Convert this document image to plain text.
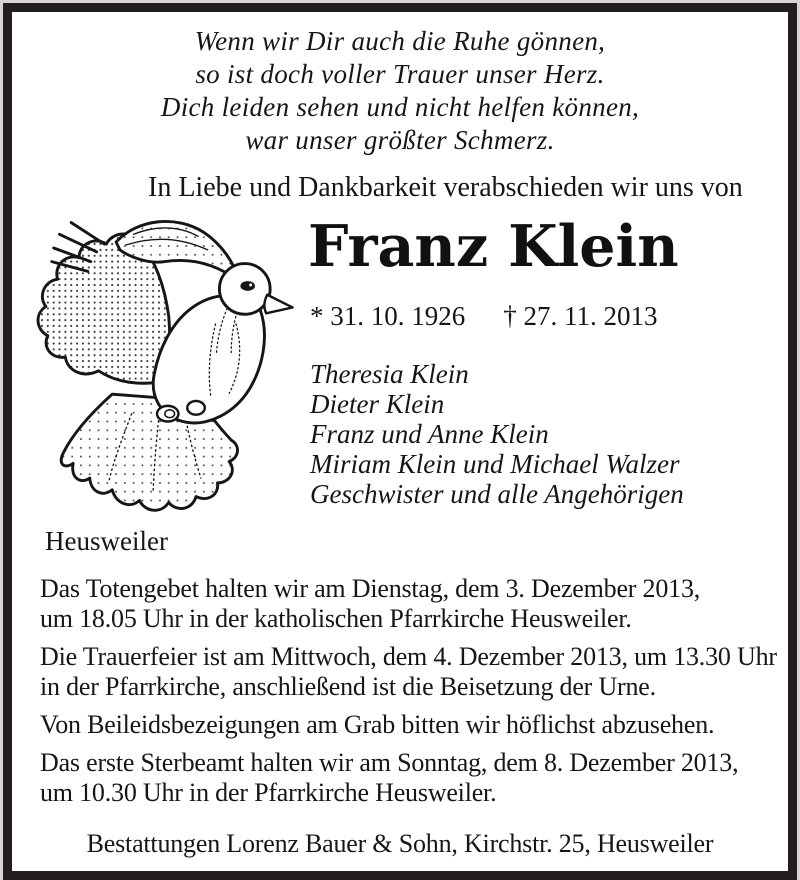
Wenn wir Dir auch die Ruhe gönnen,
so ist doch voller Trauer unser Herz.
Dich leiden sehen und nicht helfen können,
war unser größter Schmerz.
In Liebe und Dankbarkeit verabschieden wir uns von
Franz Klein
* 31. 10. 1926 † 27. 11. 2013
Theresia Klein
Dieter Klein
Franz und Anne Klein
Miriam Klein und Michael Walzer
Geschwister und alle Angehörigen
Heusweiler

Das Totengebet halten wir am Dienstag, dem 3. Dezember 2013,
um 18.05 Uhr in der katholischen Pfarrkirche Heusweiler.

Die Trauerfeier ist am Mittwoch, dem 4. Dezember 2013, um 13.30 Uhr
in der Pfarrkirche, anschließend ist die Beisetzung der Urne.

Von Beileidsbezeigungen am Grab bitten wir höflichst abzusehen.

Das erste Sterbeamt halten wir am Sonntag, dem 8. Dezember 2013,
um 10.30 Uhr in der Pfarrkirche Heusweiler.

Bestattungen Lorenz Bauer & Sohn, Kirchstr. 25, Heusweiler
